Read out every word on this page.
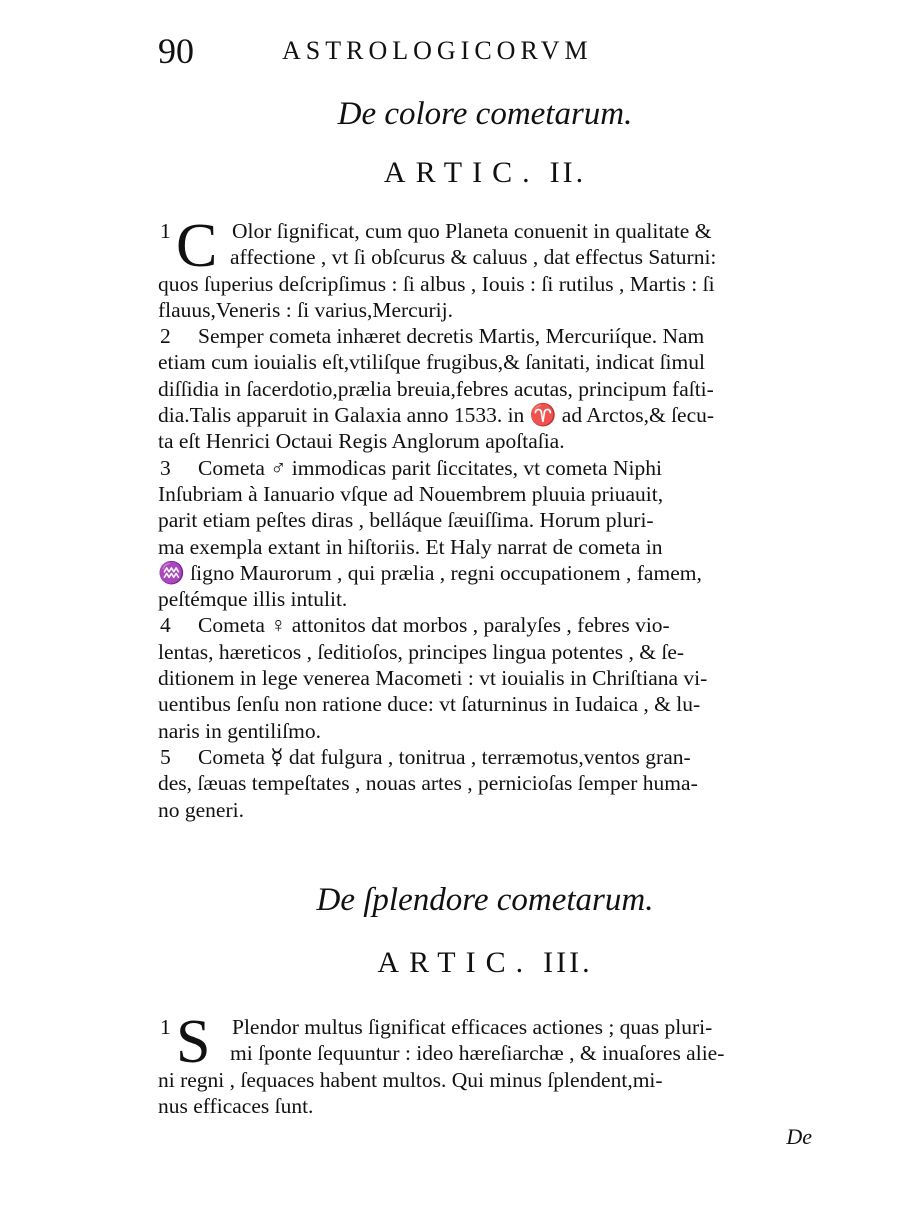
90	ASTROLOGICORVM
De colore cometarum.
ARTIC. II.
C
1	Olor ſignificat, cum quo Planeta conuenit in qualitate &
affectione , vt ſi obſcurus & caluus , dat effectus Saturni:
quos ſuperius deſcripſimus : ſi albus , Iouis : ſi rutilus , Martis : ſi
flauus,Veneris : ſi varius,Mercurij.
2 Semper cometa inhæret decretis Martis, Mercuriíque. Nam
etiam cum iouialis eſt,vtiliſque frugibus,& ſanitati, indicat ſimul
diſſidia in ſacerdotio,prælia breuia,febres acutas, principum faſti-
dia.Talis apparuit in Galaxia anno 1533. in ♈ ad Arctos,& ſecu-
ta eſt Henrici Octaui Regis Anglorum apoſtaſia.
3 Cometa ♂ immodicas parit ſiccitates, vt cometa Niphi
Inſubriam à Ianuario vſque ad Nouembrem pluuia priuauit,
parit etiam peſtes diras , belláque ſæuiſſima. Horum pluri-
ma exempla extant in hiſtoriis. Et Haly narrat de cometa in
♒ ſigno Maurorum , qui prælia , regni occupationem , famem,
peſtémque illis intulit.
4 Cometa ♀ attonitos dat morbos , paralyſes , febres vio-
lentas, hæreticos , ſeditioſos, principes lingua potentes , & ſe-
ditionem in lege venerea Macometi : vt iouialis in Chriſtiana vi-
uentibus ſenſu non ratione duce: vt ſaturninus in Iudaica , & lu-
naris in gentiliſmo.
5 Cometa ☿ dat fulgura , tonitrua , terræmotus,ventos gran-
des, ſæuas tempeſtates , nouas artes , pernicioſas ſemper huma-
no generi.
De ſplendore cometarum.
ARTIC. III.
S
1	Plendor multus ſignificat efficaces actiones ; quas pluri-
mi ſponte ſequuntur : ideo hæreſiarchæ , & inuaſores alie-
ni regni , ſequaces habent multos. Qui minus ſplendent,mi-
nus efficaces ſunt.
De
